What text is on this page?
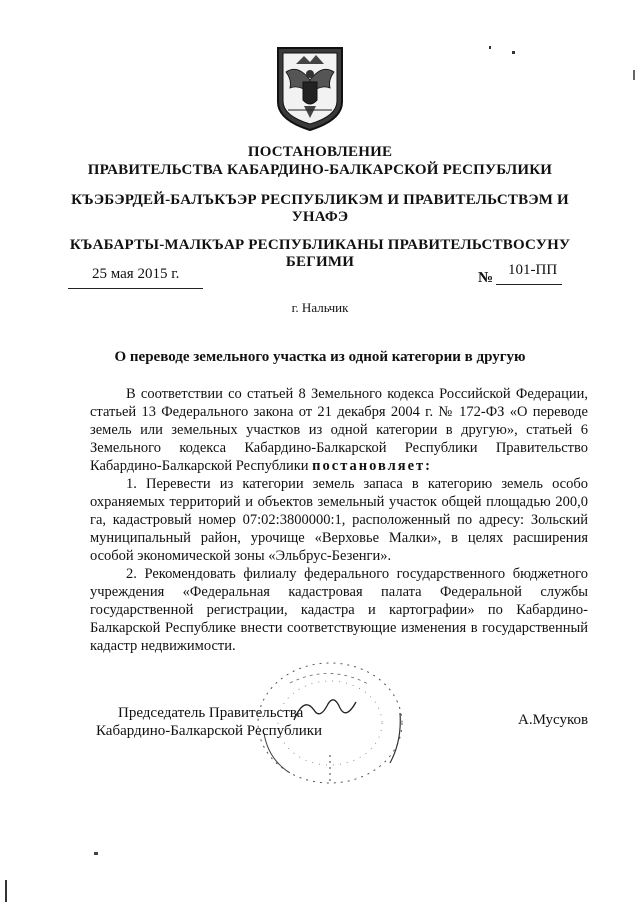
ПОСТАНОВЛЕНИЕ
ПРАВИТЕЛЬСТВА КАБАРДИНО-БАЛКАРСКОЙ РЕСПУБЛИКИ
КЪЭБЭРДЕЙ-БАЛЪКЪЭР РЕСПУБЛИКЭМ И ПРАВИТЕЛЬСТВЭМ И
УНАФЭ
КЪАБАРТЫ-МАЛКЪАР РЕСПУБЛИКАНЫ ПРАВИТЕЛЬСТВОСУНУ
БЕГИМИ
25 мая 2015 г.	№ 101-ПП
г. Нальчик
О переводе земельного участка из одной категории в другую

В соответствии со статьей 8 Земельного кодекса Российской Федерации, статьей 13 Федерального закона от 21 декабря 2004 г. № 172-ФЗ «О переводе земель или земельных участков из одной категории в другую», статьей 6 Земельного кодекса Кабардино-Балкарской Республики Правительство Кабардино-Балкарской Республики постановляет:

1. Перевести из категории земель запаса в категорию земель особо охраняемых территорий и объектов земельный участок общей площадью 200,0 га, кадастровый номер 07:02:3800000:1, расположенный по адресу: Зольский муниципальный район, урочище «Верховье Малки», в целях расширения особой экономической зоны «Эльбрус-Безенги».

2. Рекомендовать филиалу федерального государственного бюджетного учреждения «Федеральная кадастровая палата Федеральной службы государственной регистрации, кадастра и картографии» по Кабардино-Балкарской Республике внести соответствующие изменения в государственный кадастр недвижимости.

Председатель Правительства
Кабардино-Балкарской Республики
А.Мусуков
